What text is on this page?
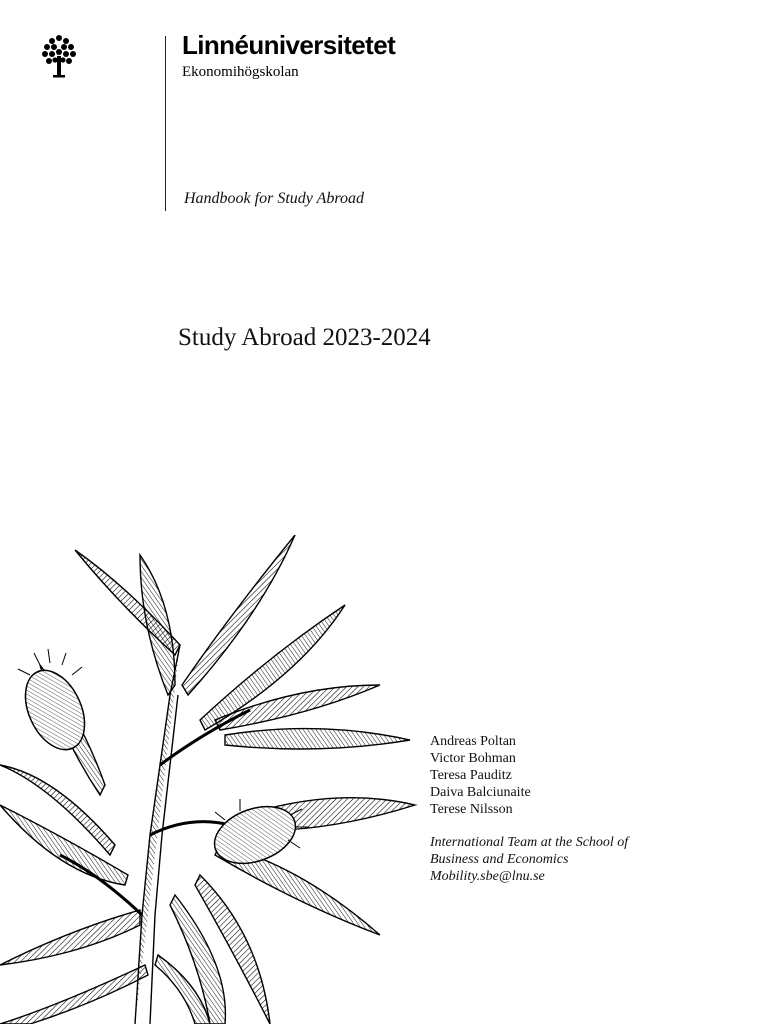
Linnéuniversitetet
Ekonomihögskolan
Handbook for Study Abroad
Study Abroad 2023-2024
Andreas Poltan
Victor Bohman
Teresa Pauditz
Daiva Balciunaite
Terese Nilsson
International Team at the School of
Business and Economics
Mobility.sbe@lnu.se
